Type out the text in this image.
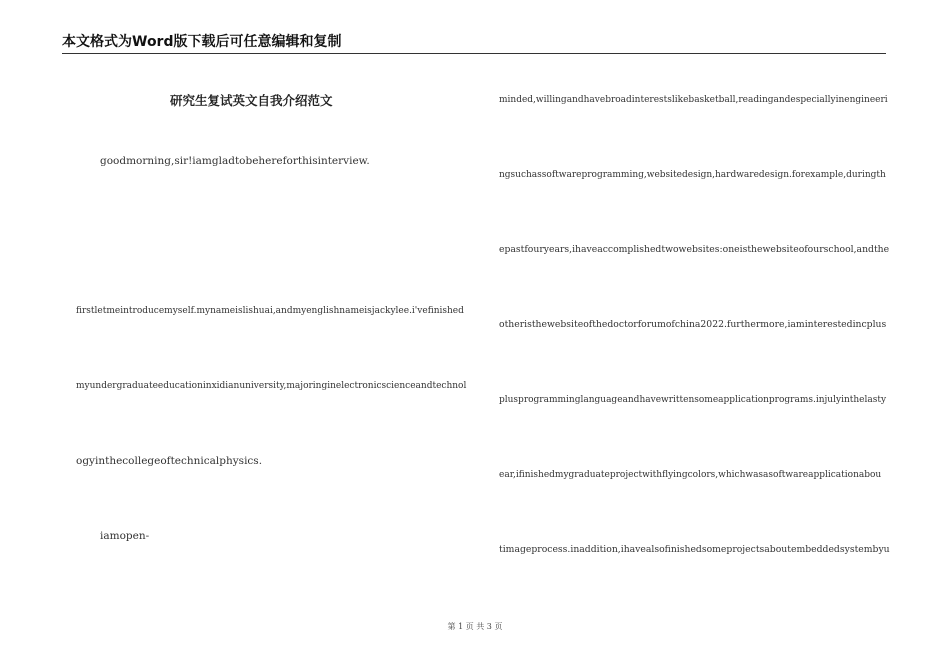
本文格式为Word版下载后可任意编辑和复制
研究生复试英文自我介绍范文
goodmorning,sir!iamgladtobehereforthisinterview.
firstletmeintroducemyself.mynameislishuai,andmyenglishnameisjackylee.i'vefinished
myundergraduateeducationinxidianuniversity,majoringinelectronicscienceandtechnol
ogyinthecollegeoftechnicalphysics.
iamopen-
minded,willingandhavebroadinterestslikebasketball,readingandespeciallyinengineeri
ngsuchassoftwareprogramming,websitedesign,hardwaredesign.forexample,duringth
epastfouryears,ihaveaccomplishedtwowebsites:oneisthewebsiteofourschool,andthe
otheristhewebsiteofthedoctorforumofchina2022.furthermore,iaminterestedincplus
plusprogramminglanguageandhavewrittensomeapplicationprograms.injulyinthelasty
ear,ifinishedmygraduateprojectwithflyingcolors,whichwasasoftwareapplicationabou
timageprocess.inaddition,ihavealsofinishedsomeprojectsaboutembeddedsystembyu
第 1 页 共 3 页
